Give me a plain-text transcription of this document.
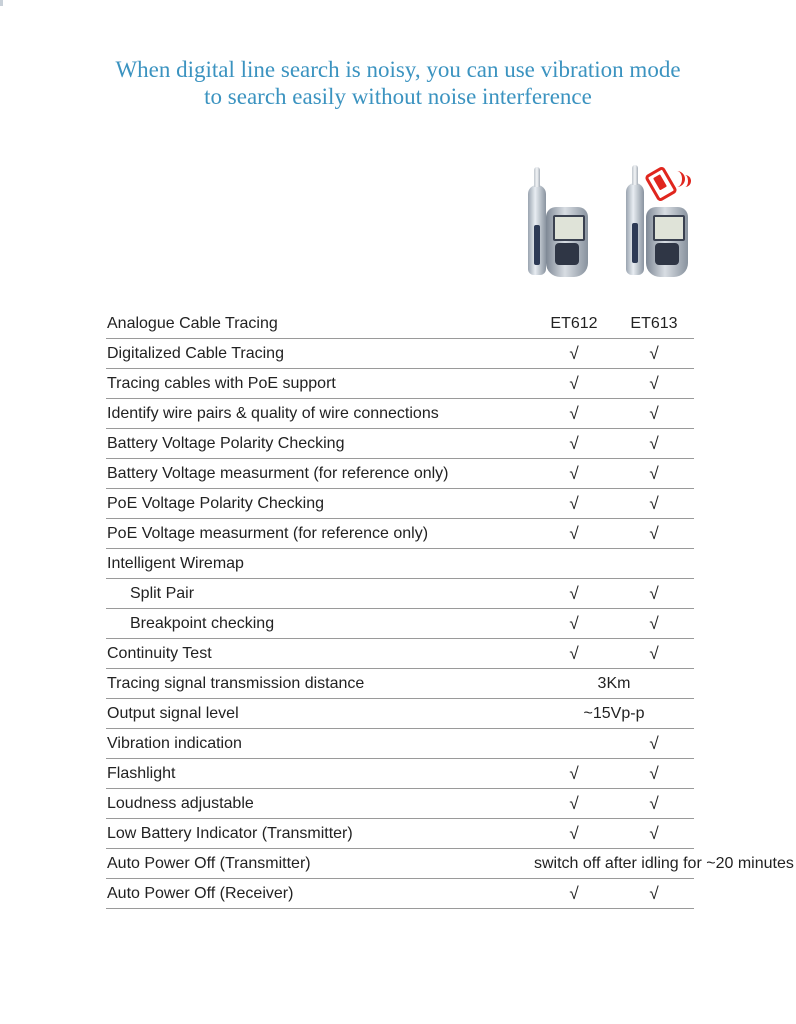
When digital line search is noisy, you can use vibration mode
to search easily without noise interference
Analogue Cable Tracing	ET612	ET613
Digitalized Cable Tracing	√	√
Tracing cables with PoE support	√	√
Identify wire pairs & quality of wire connections	√	√
Battery Voltage Polarity Checking	√	√
Battery Voltage measurment (for reference only)	√	√
PoE Voltage Polarity Checking	√	√
PoE Voltage measurment (for reference only)	√	√
Intelligent Wiremap		
Split Pair	√	√
Breakpoint checking	√	√
Continuity Test	√	√
Tracing signal transmission distance	3Km	
Output signal level	~15Vp-p	
Vibration indication		√
Flashlight	√	√
Loudness adjustable	√	√
Low Battery Indicator (Transmitter)	√	√
Auto Power Off (Transmitter)	switch off after idling for ~20 minutes	
Auto Power Off (Receiver)	√	√
